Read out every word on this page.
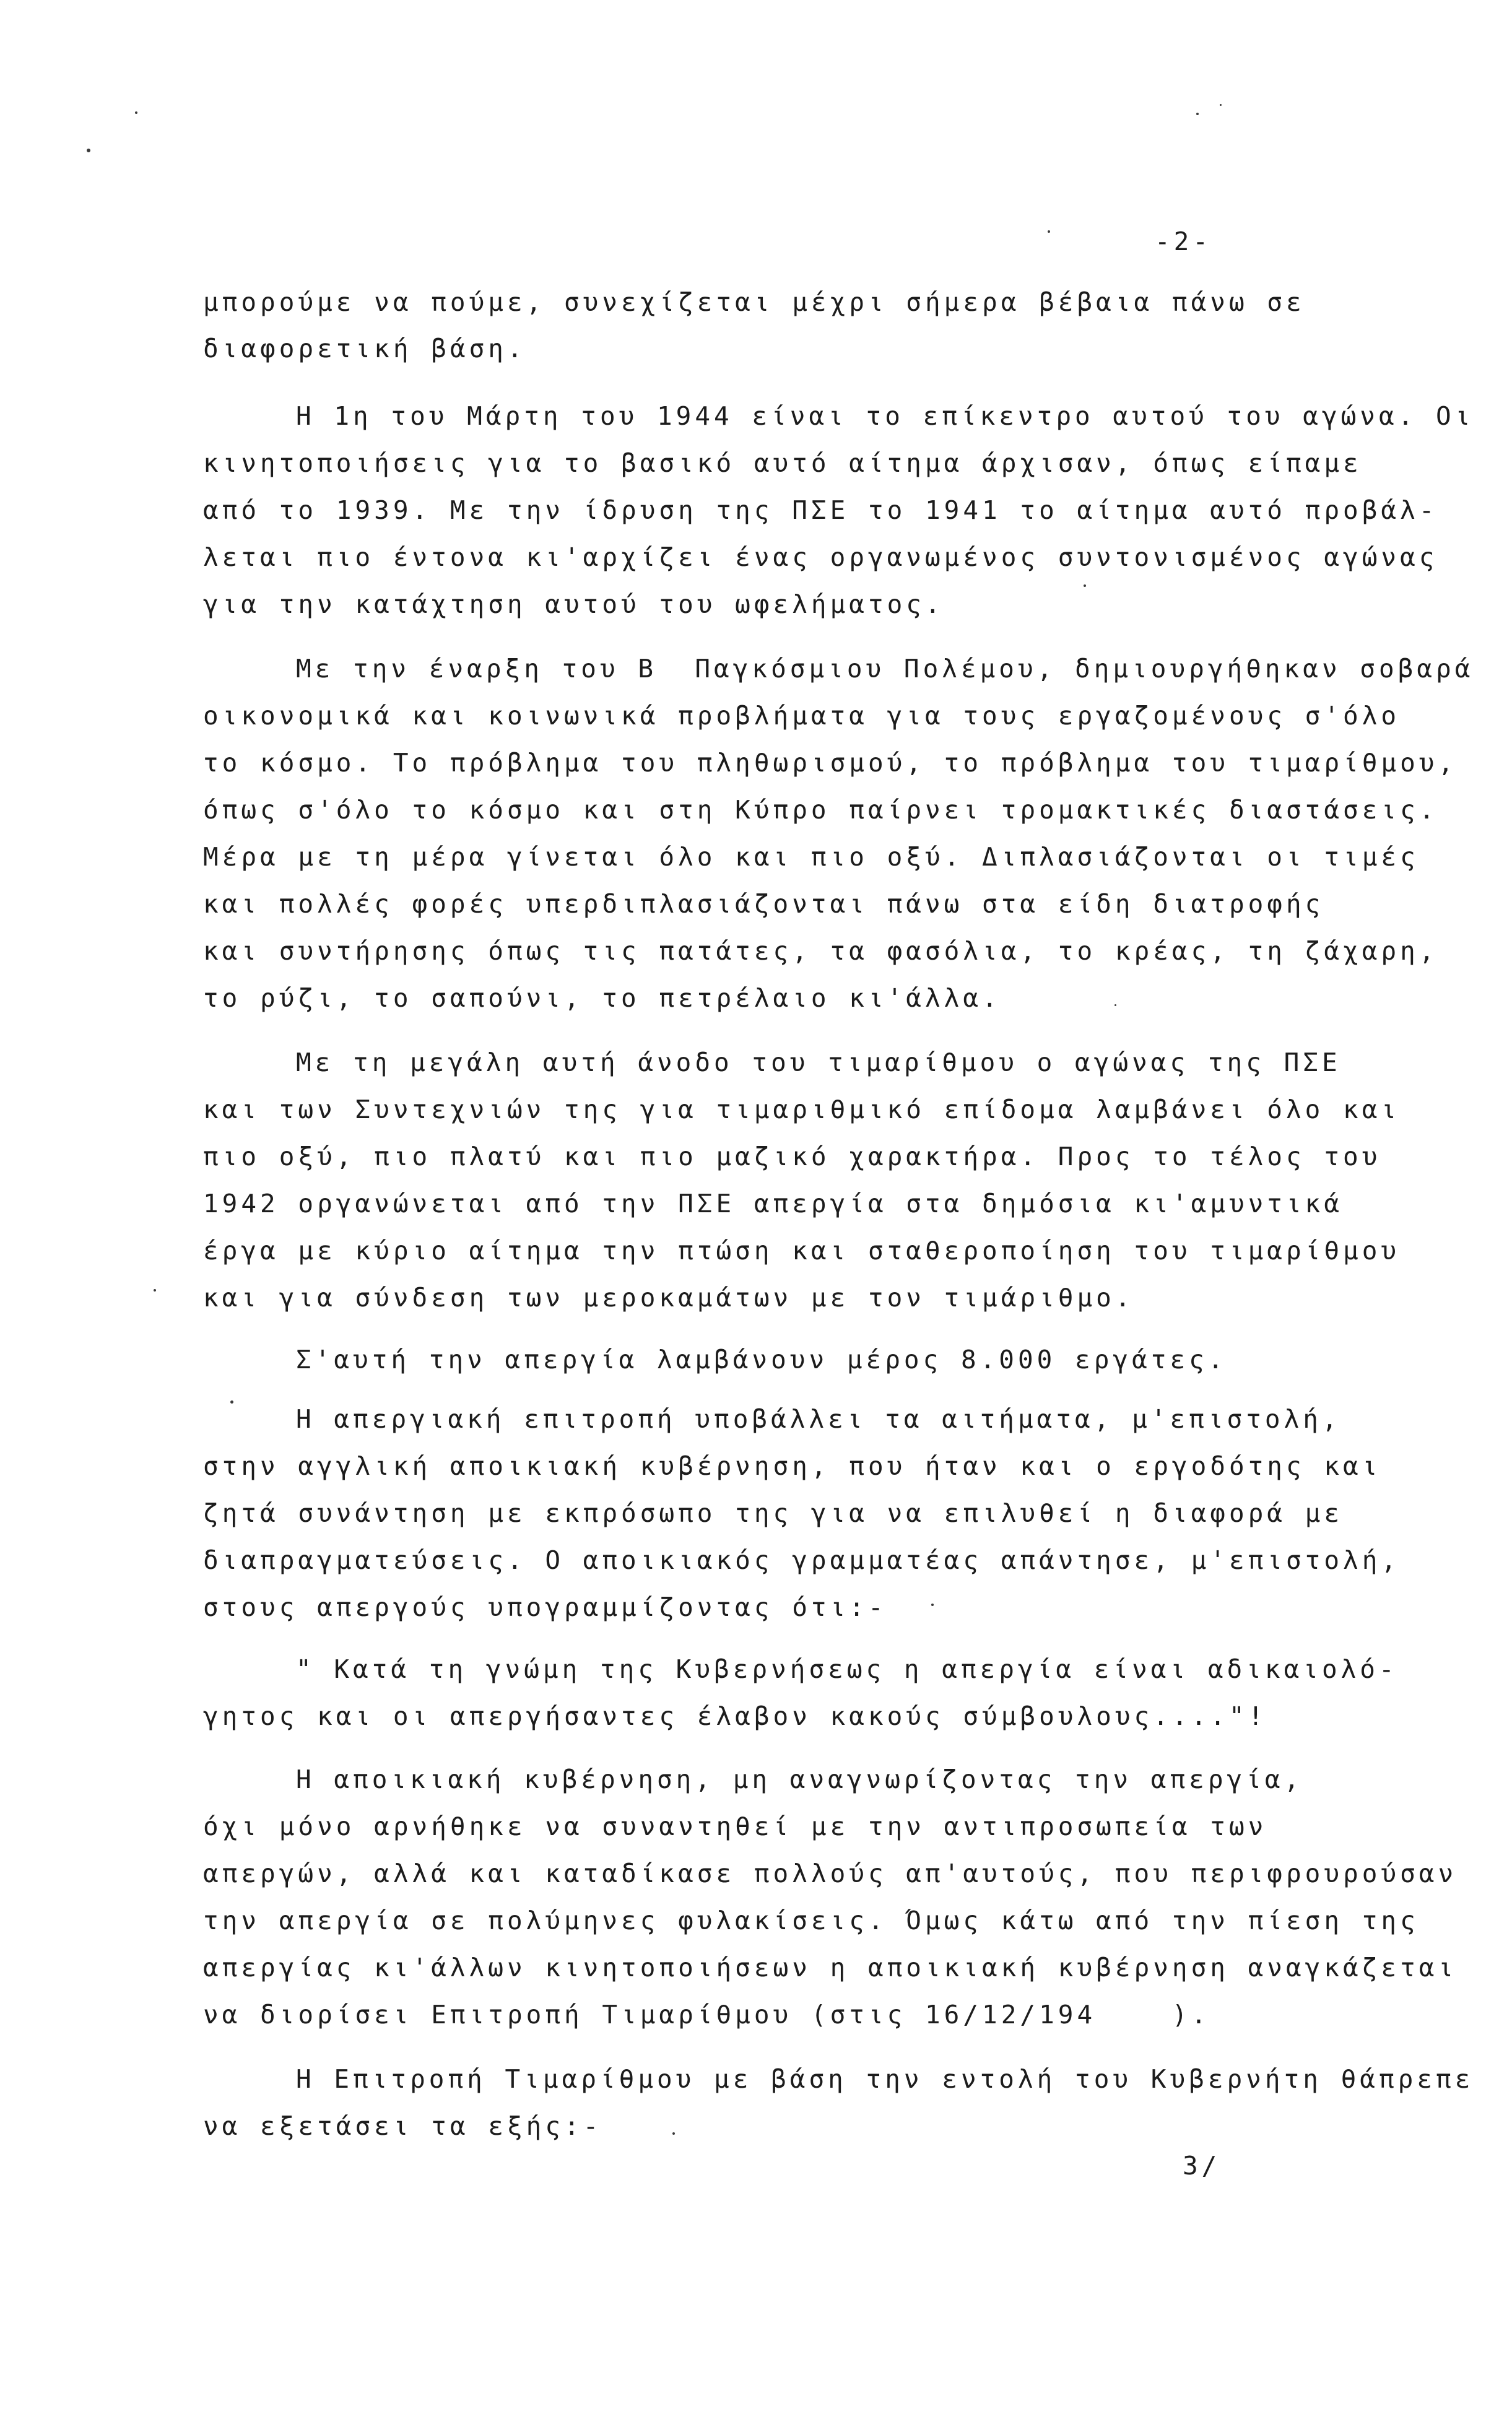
-2-
μπορούμε να πούμε, συνεχίζεται μέχρι σήμερα βέβαια πάνω σε
διαφορετική βάση.
Η 1η του Μάρτη του 1944 είναι το επίκεντρο αυτού του αγώνα. Οι
κινητοποιήσεις για το βασικό αυτό αίτημα άρχισαν, όπως είπαμε
από το 1939. Με την ίδρυση της ΠΣΕ το 1941 το αίτημα αυτό προβάλ-
λεται πιο έντονα κι'αρχίζει ένας οργανωμένος συντονισμένος αγώνας
για την κατάχτηση αυτού του ωφελήματος.
Με την έναρξη του Β  Παγκόσμιου Πολέμου, δημιουργήθηκαν σοβαρά
οικονομικά και κοινωνικά προβλήματα για τους εργαζομένους σ'όλο
το κόσμο. Το πρόβλημα του πληθωρισμού, το πρόβλημα του τιμαρίθμου,
όπως σ'όλο το κόσμο και στη Κύπρο παίρνει τρομακτικές διαστάσεις.
Μέρα με τη μέρα γίνεται όλο και πιο οξύ. Διπλασιάζονται οι τιμές
και πολλές φορές υπερδιπλασιάζονται πάνω στα είδη διατροφής
και συντήρησης όπως τις πατάτες, τα φασόλια, το κρέας, τη ζάχαρη,
το ρύζι, το σαπούνι, το πετρέλαιο κι'άλλα.
Με τη μεγάλη αυτή άνοδο του τιμαρίθμου ο αγώνας της ΠΣΕ
και των Συντεχνιών της για τιμαριθμικό επίδομα λαμβάνει όλο και
πιο οξύ, πιο πλατύ και πιο μαζικό χαρακτήρα. Προς το τέλος του
1942 οργανώνεται από την ΠΣΕ απεργία στα δημόσια κι'αμυντικά
έργα με κύριο αίτημα την πτώση και σταθεροποίηση του τιμαρίθμου
και για σύνδεση των μεροκαμάτων με τον τιμάριθμο.
Σ'αυτή την απεργία λαμβάνουν μέρος 8.000 εργάτες.
Η απεργιακή επιτροπή υποβάλλει τα αιτήματα, μ'επιστολή,
στην αγγλική αποικιακή κυβέρνηση, που ήταν και ο εργοδότης και
ζητά συνάντηση με εκπρόσωπο της για να επιλυθεί η διαφορά με
διαπραγματεύσεις. Ο αποικιακός γραμματέας απάντησε, μ'επιστολή,
στους απεργούς υπογραμμίζοντας ότι:-
" Κατά τη γνώμη της Κυβερνήσεως η απεργία είναι αδικαιολό-
γητος και οι απεργήσαντες έλαβον κακούς σύμβουλους...."!
Η αποικιακή κυβέρνηση, μη αναγνωρίζοντας την απεργία,
όχι μόνο αρνήθηκε να συναντηθεί με την αντιπροσωπεία των
απεργών, αλλά και καταδίκασε πολλούς απ'αυτούς, που περιφρουρούσαν
την απεργία σε πολύμηνες φυλακίσεις. Όμως κάτω από την πίεση της
απεργίας κι'άλλων κινητοποιήσεων η αποικιακή κυβέρνηση αναγκάζεται
να διορίσει Επιτροπή Τιμαρίθμου (στις 16/12/194    ).
Η Επιτροπή Τιμαρίθμου με βάση την εντολή του Κυβερνήτη θάπρεπε
να εξετάσει τα εξής:-
3/
